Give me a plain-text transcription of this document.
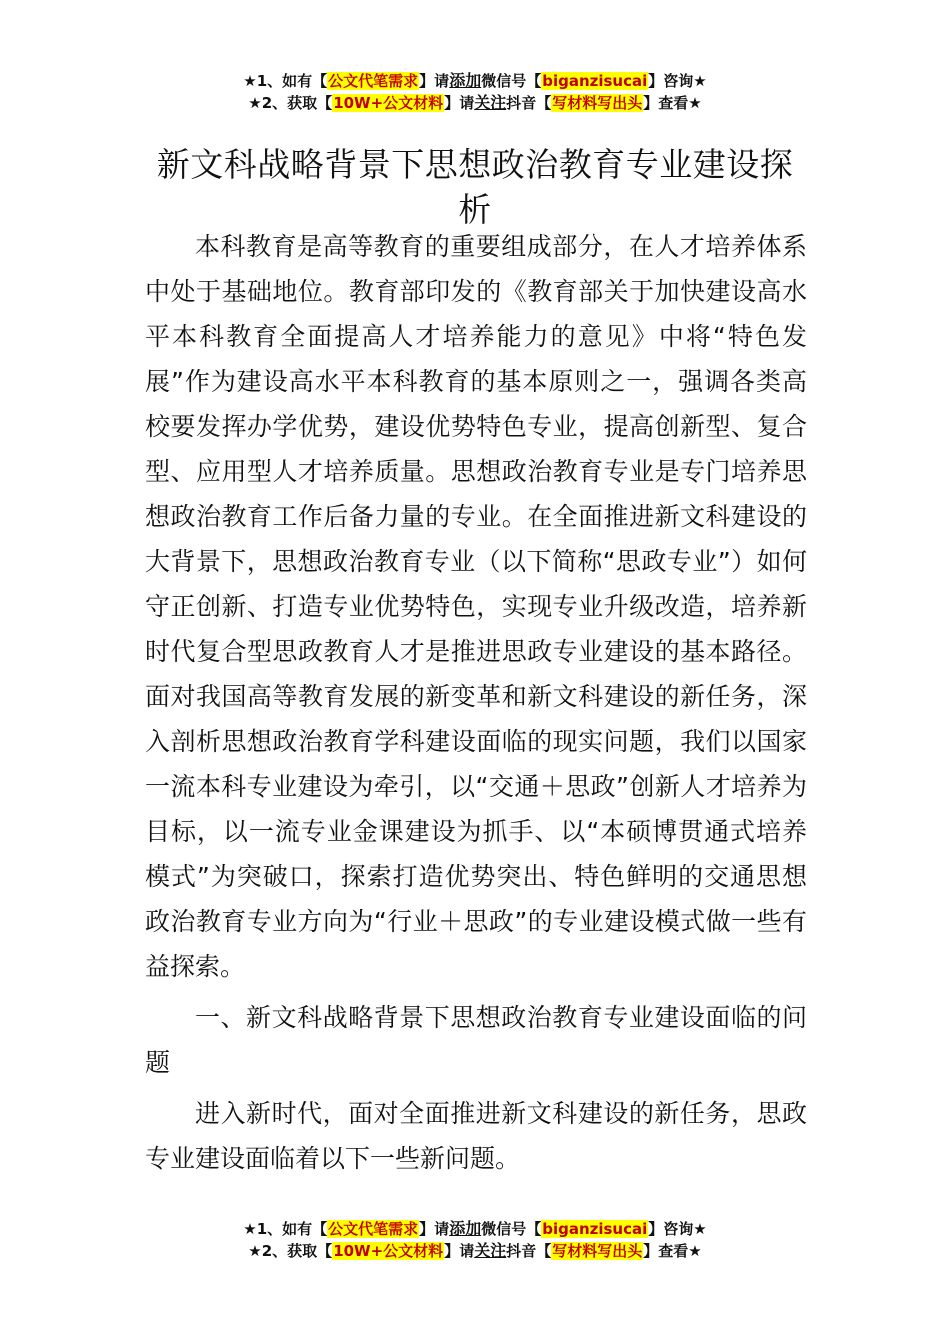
★1、如有【公文代笔需求】请添加微信号【biganzisucai】咨询★
★2、获取【10W+公文材料】请关注抖音【写材料写出头】查看★
新文科战略背景下思想政治教育专业建设探析

本科教育是高等教育的重要组成部分，在人才培养体系中处于基础地位。教育部印发的《教育部关于加快建设高水平本科教育全面提高人才培养能力的意见》中将“特色发展”作为建设高水平本科教育的基本原则之一，强调各类高校要发挥办学优势，建设优势特色专业，提高创新型、复合型、应用型人才培养质量。思想政治教育专业是专门培养思想政治教育工作后备力量的专业。在全面推进新文科建设的大背景下，思想政治教育专业（以下简称“思政专业”）如何守正创新、打造专业优势特色，实现专业升级改造，培养新时代复合型思政教育人才是推进思政专业建设的基本路径。面对我国高等教育发展的新变革和新文科建设的新任务，深入剖析思想政治教育学科建设面临的现实问题，我们以国家一流本科专业建设为牵引，以“交通＋思政”创新人才培养为目标，以一流专业金课建设为抓手、以“本硕博贯通式培养模式”为突破口，探索打造优势突出、特色鲜明的交通思想政治教育专业方向为“行业＋思政”的专业建设模式做一些有益探索。

一、新文科战略背景下思想政治教育专业建设面临的问题

进入新时代，面对全面推进新文科建设的新任务，思政专业建设面临着以下一些新问题。

★1、如有【公文代笔需求】请添加微信号【biganzisucai】咨询★
★2、获取【10W+公文材料】请关注抖音【写材料写出头】查看★
